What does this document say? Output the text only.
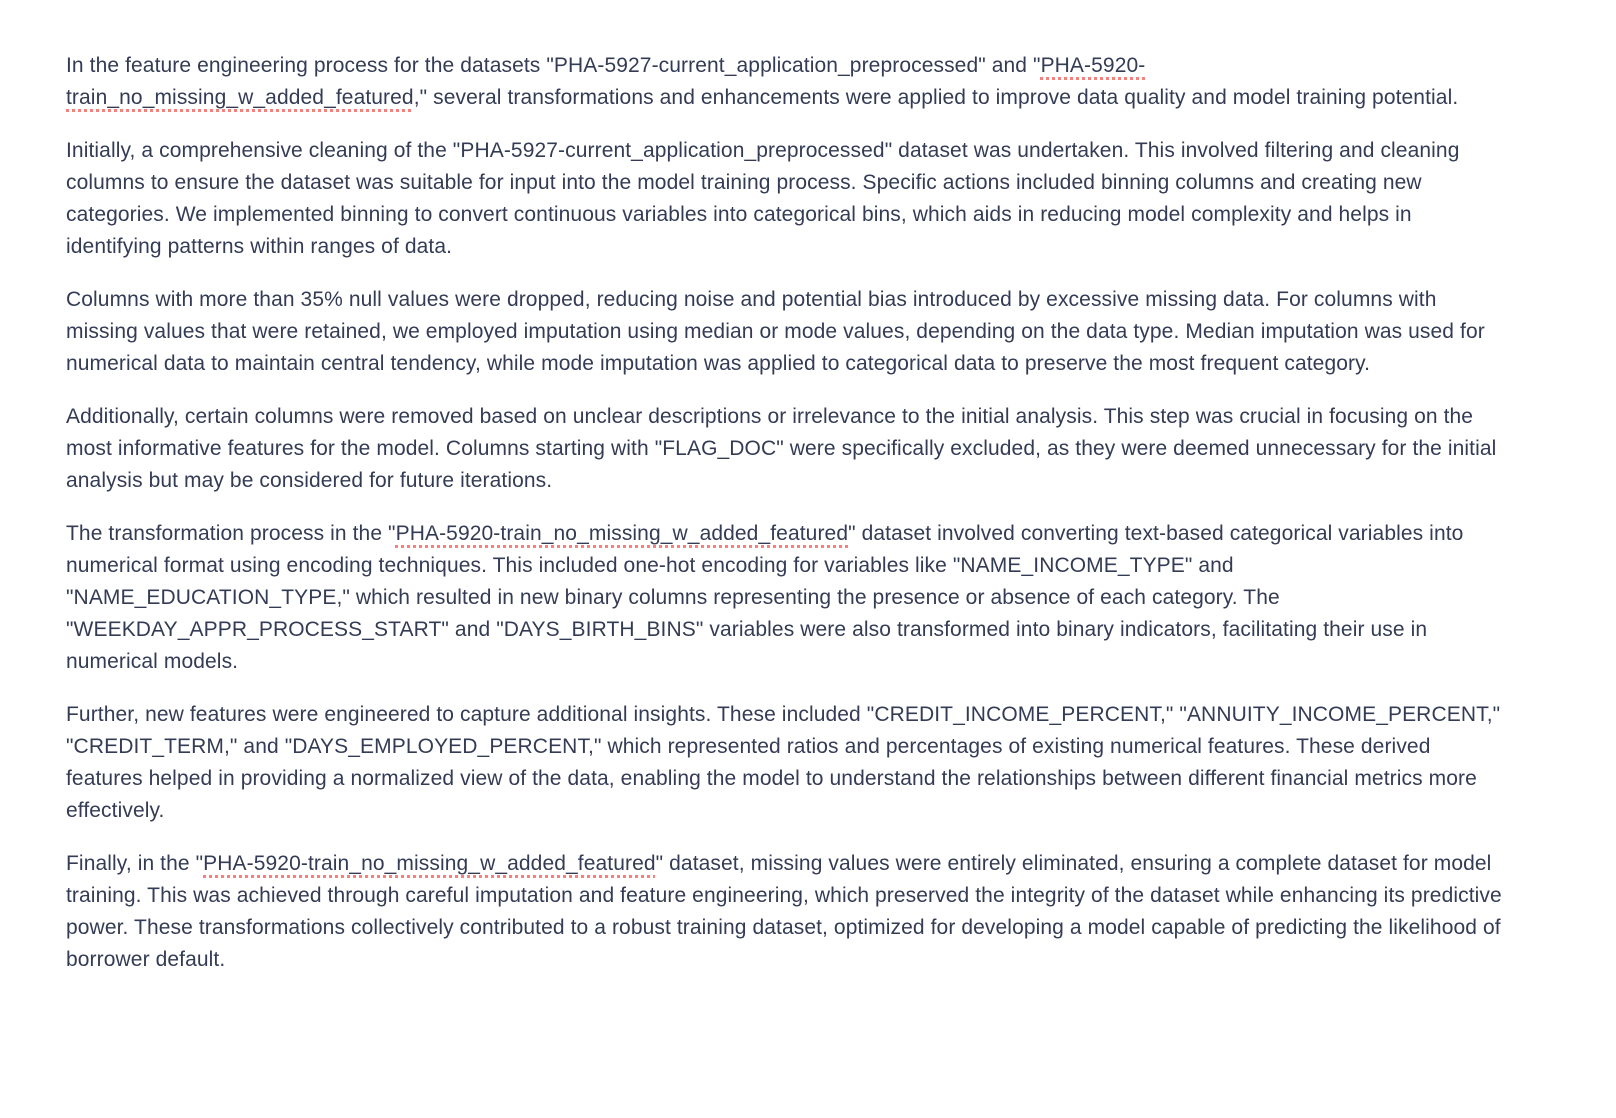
In the feature engineering process for the datasets "PHA-5927-current_application_preprocessed" and "PHA-5920-train_no_missing_w_added_featured," several transformations and enhancements were applied to improve data quality and model training potential.

Initially, a comprehensive cleaning of the "PHA-5927-current_application_preprocessed" dataset was undertaken. This involved filtering and cleaning columns to ensure the dataset was suitable for input into the model training process. Specific actions included binning columns and creating new categories. We implemented binning to convert continuous variables into categorical bins, which aids in reducing model complexity and helps in identifying patterns within ranges of data.

Columns with more than 35% null values were dropped, reducing noise and potential bias introduced by excessive missing data. For columns with missing values that were retained, we employed imputation using median or mode values, depending on the data type. Median imputation was used for numerical data to maintain central tendency, while mode imputation was applied to categorical data to preserve the most frequent category.

Additionally, certain columns were removed based on unclear descriptions or irrelevance to the initial analysis. This step was crucial in focusing on the most informative features for the model. Columns starting with "FLAG_DOC" were specifically excluded, as they were deemed unnecessary for the initial analysis but may be considered for future iterations.

The transformation process in the "PHA-5920-train_no_missing_w_added_featured" dataset involved converting text-based categorical variables into numerical format using encoding techniques. This included one-hot encoding for variables like "NAME_INCOME_TYPE" and "NAME_EDUCATION_TYPE," which resulted in new binary columns representing the presence or absence of each category. The "WEEKDAY_APPR_PROCESS_START" and "DAYS_BIRTH_BINS" variables were also transformed into binary indicators, facilitating their use in numerical models.

Further, new features were engineered to capture additional insights. These included "CREDIT_INCOME_PERCENT," "ANNUITY_INCOME_PERCENT," "CREDIT_TERM," and "DAYS_EMPLOYED_PERCENT," which represented ratios and percentages of existing numerical features. These derived features helped in providing a normalized view of the data, enabling the model to understand the relationships between different financial metrics more effectively.

Finally, in the "PHA-5920-train_no_missing_w_added_featured" dataset, missing values were entirely eliminated, ensuring a complete dataset for model training. This was achieved through careful imputation and feature engineering, which preserved the integrity of the dataset while enhancing its predictive power. These transformations collectively contributed to a robust training dataset, optimized for developing a model capable of predicting the likelihood of borrower default.
